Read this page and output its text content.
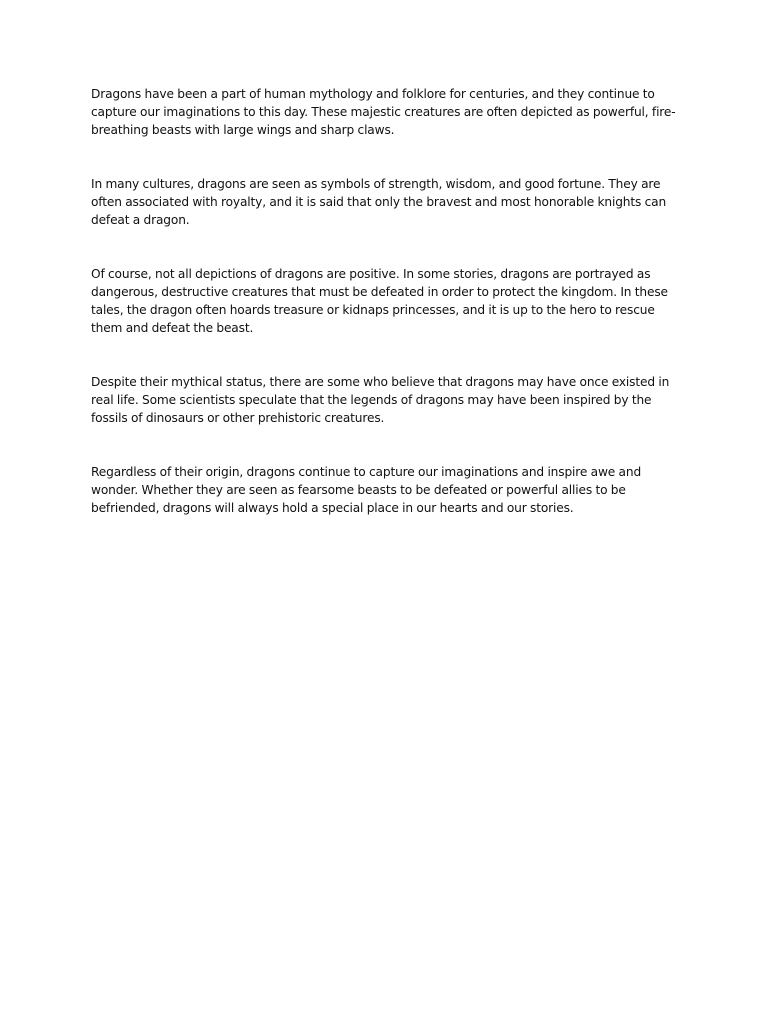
Dragons have been a part of human mythology and folklore for centuries, and they continue to capture our imaginations to this day. These majestic creatures are often depicted as powerful, fire-breathing beasts with large wings and sharp claws.

In many cultures, dragons are seen as symbols of strength, wisdom, and good fortune. They are often associated with royalty, and it is said that only the bravest and most honorable knights can defeat a dragon.

Of course, not all depictions of dragons are positive. In some stories, dragons are portrayed as dangerous, destructive creatures that must be defeated in order to protect the kingdom. In these tales, the dragon often hoards treasure or kidnaps princesses, and it is up to the hero to rescue them and defeat the beast.

Despite their mythical status, there are some who believe that dragons may have once existed in real life. Some scientists speculate that the legends of dragons may have been inspired by the fossils of dinosaurs or other prehistoric creatures.

Regardless of their origin, dragons continue to capture our imaginations and inspire awe and wonder. Whether they are seen as fearsome beasts to be defeated or powerful allies to be befriended, dragons will always hold a special place in our hearts and our stories.
